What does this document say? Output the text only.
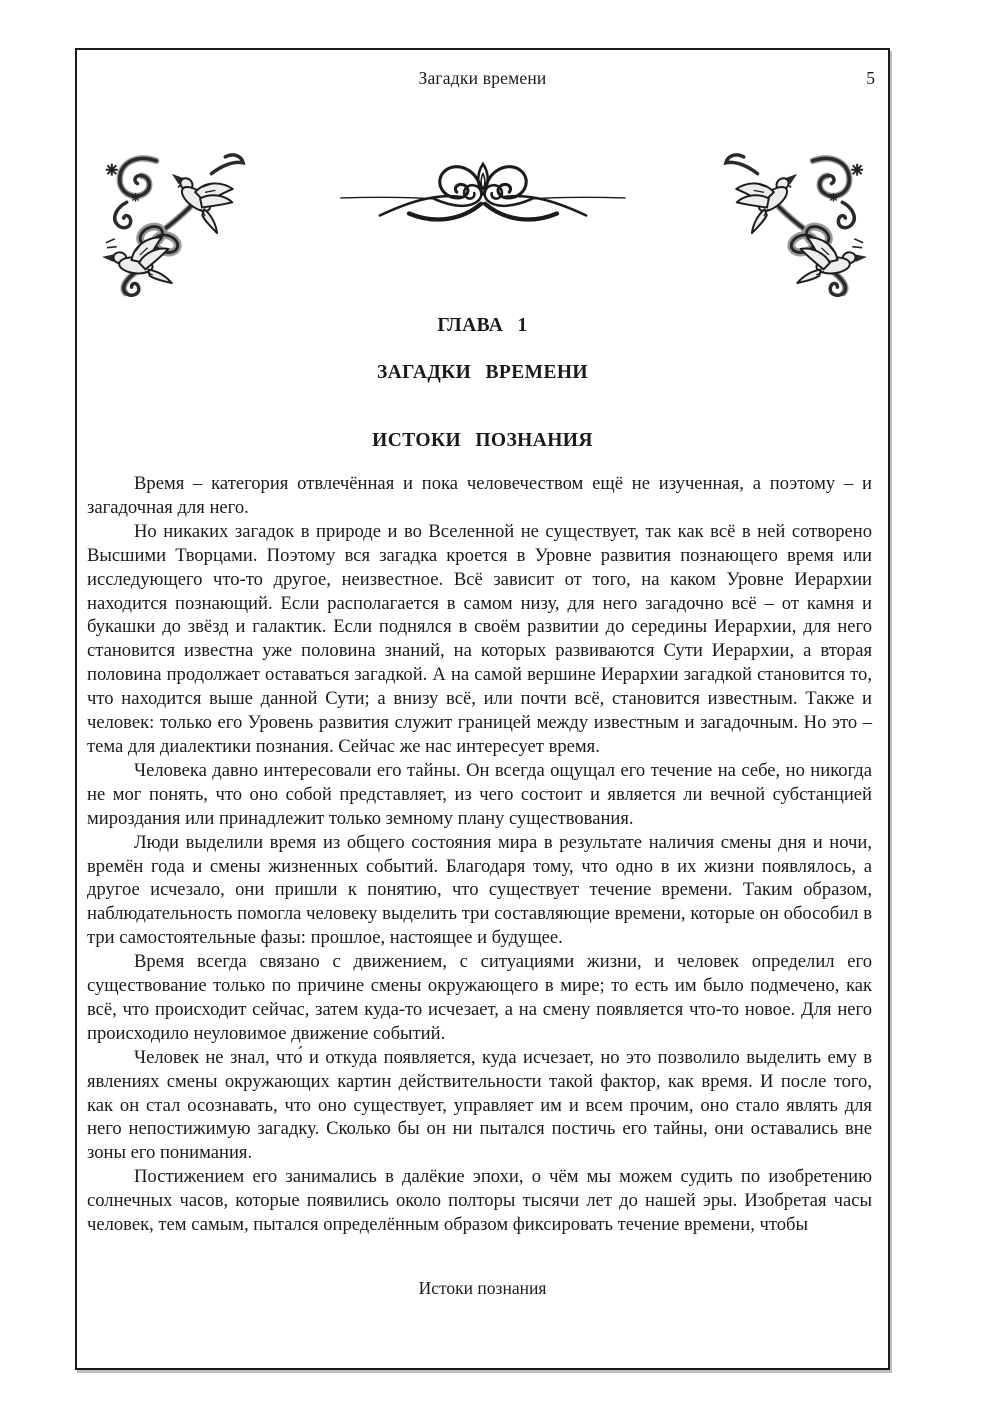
Загадки времени	5
ГЛАВА 1
ЗАГАДКИ ВРЕМЕНИ
ИСТОКИ ПОЗНАНИЯ

Время – категория отвлечённая и пока человечеством ещё не изученная, а поэтому – и загадочная для него.

Но никаких загадок в природе и во Вселенной не существует, так как всё в ней сотворено Высшими Творцами. Поэтому вся загадка кроется в Уровне развития познающего время или исследующего что-то другое, неизвестное. Всё зависит от того, на каком Уровне Иерархии находится познающий. Если располагается в самом низу, для него загадочно всё – от камня и букашки до звёзд и галактик. Если поднялся в своём развитии до середины Иерархии, для него становится известна уже половина знаний, на которых развиваются Сути Иерархии, а вторая половина продолжает оставаться загадкой. А на самой вершине Иерархии загадкой становится то, что находится выше данной Сути; а внизу всё, или почти всё, становится известным. Также и человек: только его Уровень развития служит границей между известным и загадочным. Но это – тема для диалектики познания. Сейчас же нас интересует время.

Человека давно интересовали его тайны. Он всегда ощущал его течение на себе, но никогда не мог понять, что оно собой представляет, из чего состоит и является ли вечной субстанцией мироздания или принадлежит только земному плану существования.

Люди выделили время из общего состояния мира в результате наличия смены дня и ночи, времён года и смены жизненных событий. Благодаря тому, что одно в их жизни появлялось, а другое исчезало, они пришли к понятию, что существует течение времени. Таким образом, наблюдательность помогла человеку выделить три составляющие времени, которые он обособил в три самостоятельные фазы: прошлое, настоящее и будущее.

Время всегда связано с движением, с ситуациями жизни, и человек определил его существование только по причине смены окружающего в мире; то есть им было подмечено, как всё, что происходит сейчас, затем куда-то исчезает, а на смену появляется что-то новое. Для него происходило неуловимое движение событий.

Человек не знал, что́ и откуда появляется, куда исчезает, но это позволило выделить ему в явлениях смены окружающих картин действительности такой фактор, как время. И после того, как он стал осознавать, что оно существует, управляет им и всем прочим, оно стало являть для него непостижимую загадку. Сколько бы он ни пытался постичь его тайны, они оставались вне зоны его понимания.

Постижением его занимались в далёкие эпохи, о чём мы можем судить по изобретению солнечных часов, которые появились около полторы тысячи лет до нашей эры. Изобретая часы человек, тем самым, пытался определённым образом фиксировать течение времени, чтобы

Истоки познания
